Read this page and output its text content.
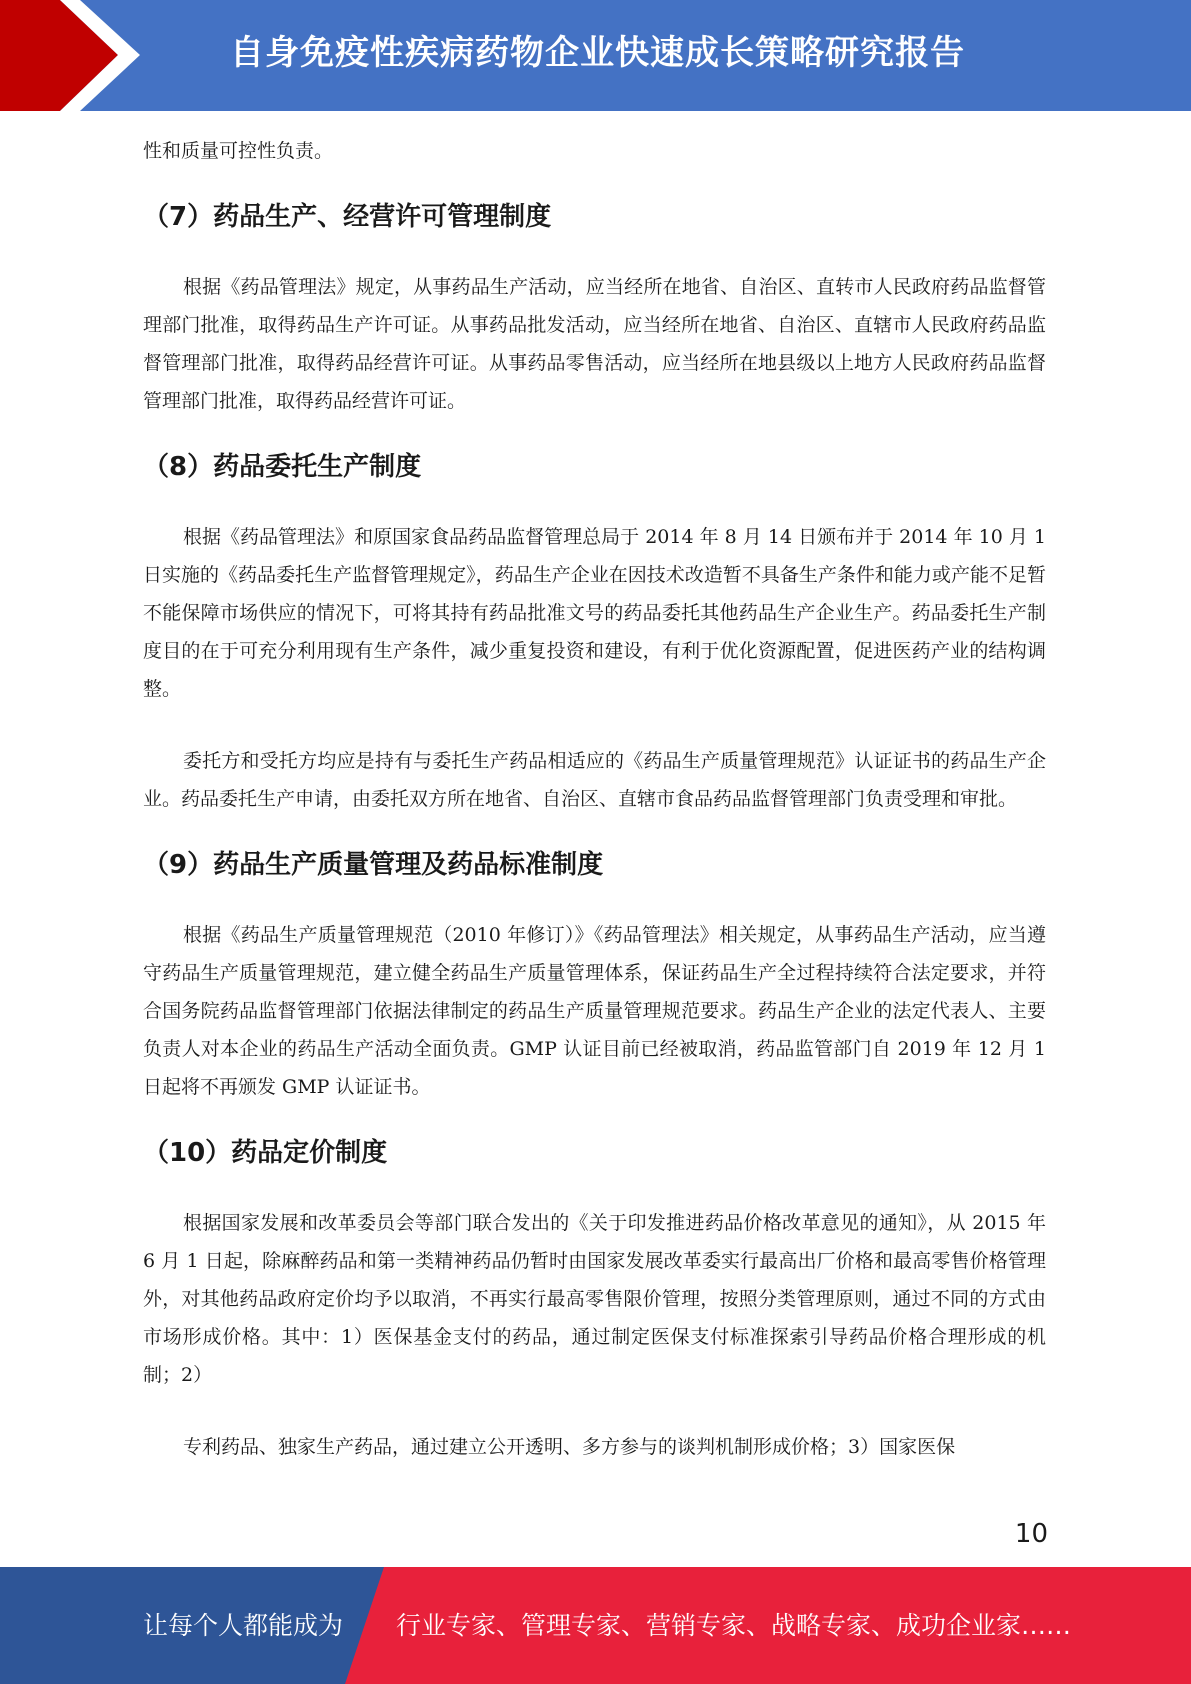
自身免疫性疾病药物企业快速成长策略研究报告

性和质量可控性负责。

（7）药品生产、经营许可管理制度

根据《药品管理法》规定，从事药品生产活动，应当经所在地省、自治区、直转市人民政府药品监督管理部门批准，取得药品生产许可证。从事药品批发活动，应当经所在地省、自治区、直辖市人民政府药品监督管理部门批准，取得药品经营许可证。从事药品零售活动，应当经所在地县级以上地方人民政府药品监督管理部门批准，取得药品经营许可证。

（8）药品委托生产制度

根据《药品管理法》和原国家食品药品监督管理总局于 2014 年 8 月 14 日颁布并于 2014 年 10 月 1 日实施的《药品委托生产监督管理规定》，药品生产企业在因技术改造暂不具备生产条件和能力或产能不足暂不能保障市场供应的情况下，可将其持有药品批准文号的药品委托其他药品生产企业生产。药品委托生产制度目的在于可充分利用现有生产条件，减少重复投资和建设，有利于优化资源配置，促进医药产业的结构调整。

委托方和受托方均应是持有与委托生产药品相适应的《药品生产质量管理规范》认证证书的药品生产企业。药品委托生产申请，由委托双方所在地省、自治区、直辖市食品药品监督管理部门负责受理和审批。

（9）药品生产质量管理及药品标准制度

根据《药品生产质量管理规范（2010 年修订）》《药品管理法》相关规定，从事药品生产活动，应当遵守药品生产质量管理规范，建立健全药品生产质量管理体系，保证药品生产全过程持续符合法定要求，并符合国务院药品监督管理部门依据法律制定的药品生产质量管理规范要求。药品生产企业的法定代表人、主要负责人对本企业的药品生产活动全面负责。GMP 认证目前已经被取消，药品监管部门自 2019 年 12 月 1 日起将不再颁发 GMP 认证证书。

（10）药品定价制度

根据国家发展和改革委员会等部门联合发出的《关于印发推进药品价格改革意见的通知》，从 2015 年 6 月 1 日起，除麻醉药品和第一类精神药品仍暂时由国家发展改革委实行最高出厂价格和最高零售价格管理外，对其他药品政府定价均予以取消，不再实行最高零售限价管理，按照分类管理原则，通过不同的方式由市场形成价格。其中：1）医保基金支付的药品，通过制定医保支付标准探索引导药品价格合理形成的机制；2）

专利药品、独家生产药品，通过建立公开透明、多方参与的谈判机制形成价格；3）国家医保

10
让每个人都能成为 行业专家、管理专家、营销专家、战略专家、成功企业家……
